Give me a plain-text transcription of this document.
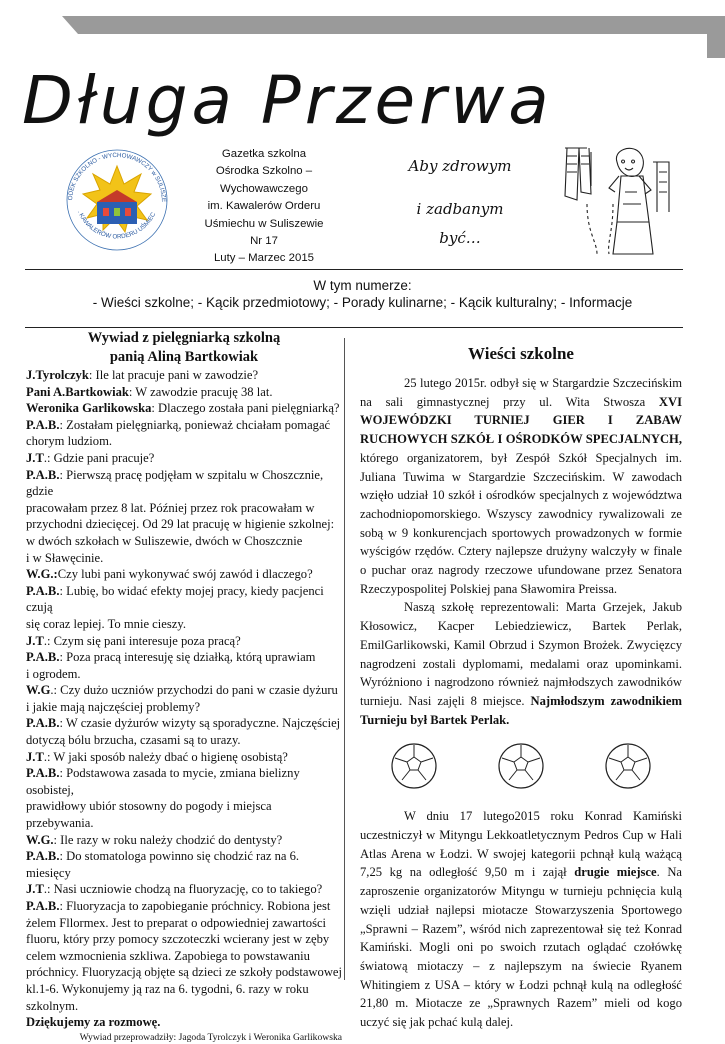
Długa Przerwa
ODEK SZKOLNO - WYCHOWAWCZY w SULISZE
. KAWALERÓW ORDERU UŚMIEC
Gazetka szkolna
Ośrodka Szkolno –
Wychowawczego
im. Kawalerów Orderu
Uśmiechu w Suliszewie
Nr 17
Luty – Marzec 2015
Aby zdrowym
i zadbanym
być…
W tym numerze:
- Wieści szkolne; - Kącik przedmiotowy; - Porady kulinarne; - Kącik kulturalny; - Informacje
Wywiad z pielęgniarką szkolną
panią Aliną Bartkowiak
J.Tyrolczyk: Ile lat pracuje pani w zawodzie?
Pani A.Bartkowiak: W zawodzie pracuję 38 lat.
Weronika Garlikowska: Dlaczego została pani pielęgniarką?
P.A.B.: Zostałam pielęgniarką, ponieważ chciałam pomagać
chorym ludziom.
J.T.: Gdzie pani pracuje?
P.A.B.: Pierwszą pracę podjęłam w szpitalu w Choszcznie, gdzie
pracowałam przez 8 lat. Później przez rok pracowałam w
przychodni dziecięcej. Od 29 lat pracuję w higienie szkolnej:
w dwóch szkołach w Suliszewie, dwóch w Choszcznie
i w Sławęcinie.
W.G.:Czy lubi pani wykonywać swój zawód i dlaczego?
P.A.B.: Lubię, bo widać efekty mojej pracy, kiedy pacjenci czują
się coraz lepiej. To mnie cieszy.
J.T.: Czym się pani interesuje poza pracą?
P.A.B.: Poza pracą interesuję się działką, którą uprawiam
i ogrodem.
W.G.: Czy dużo uczniów przychodzi do pani w czasie dyżuru
i jakie mają najczęściej problemy?
P.A.B.: W czasie dyżurów wizyty są sporadyczne. Najczęściej
dotyczą bólu brzucha, czasami są to urazy.
J.T.: W jaki sposób należy dbać o higienę osobistą?
P.A.B.: Podstawowa zasada to mycie, zmiana bielizny osobistej,
prawidłowy ubiór stosowny do pogody i miejsca przebywania.
W.G.: Ile razy w roku należy chodzić do dentysty?
P.A.B.: Do stomatologa powinno się chodzić raz na 6. miesięcy
J.T.: Nasi uczniowie chodzą na fluoryzację, co to takiego?
P.A.B.: Fluoryzacja to zapobieganie próchnicy. Robiona jest
żelem Fllormex. Jest to preparat o odpowiedniej zawartości
fluoru, który przy pomocy szczoteczki wcierany jest w zęby
celem wzmocnienia szkliwa. Zapobiega to powstawaniu
próchnicy. Fluoryzacją objęte są dzieci ze szkoły podstawowej
kl.1-6. Wykonujemy ją raz na 6. tygodni, 6. razy w roku
szkolnym.

Dziękujemy za rozmowę.

Wywiad przeprowadziły: Jagoda Tyrolczyk i Weronika Garlikowska

Wieści szkolne

25 lutego 2015r. odbył się w Stargardzie Szczecińskim na sali gimnastycznej przy ul. Wita Stwosza XVI WOJEWÓDZKI TURNIEJ GIER I ZABAW RUCHOWYCH SZKÓŁ I OŚRODKÓW SPECJALNYCH, którego organizatorem, był Zespół Szkół Specjalnych im. Juliana Tuwima w Stargardzie Szczecińskim. W zawodach wzięło udział 10 szkół i ośrodków specjalnych z województwa zachodniopomorskiego. Wszyscy zawodnicy rywalizowali ze sobą w 9 konkurencjach sportowych prowadzonych w formie wyścigów rzędów. Cztery najlepsze drużyny walczyły w finale o puchar oraz nagrody rzeczowe ufundowane przez Senatora Rzeczypospolitej Polskiej pana Sławomira Preissa.

Naszą szkołę reprezentowali: Marta Grzejek, Jakub Kłosowicz, Kacper Lebiedziewicz, Bartek Perlak, EmilGarlikowski, Kamil Obrzud i Szymon Brożek. Zwycięzcy nagrodzeni zostali dyplomami, medalami oraz upominkami. Wyróżniono i nagrodzono również najmłodszych zawodników turnieju. Nasi zajęli 8 miejsce. Najmłodszym zawodnikiem Turnieju był Bartek Perlak.

W dniu 17 lutego2015 roku Konrad Kamiński uczestniczył w Mityngu Lekkoatletycznym Pedros Cup w Hali Atlas Arena w Łodzi. W swojej kategorii pchnął kulą ważącą 7,25 kg na odległość 9,50 m i zajął drugie miejsce. Na zaproszenie organizatorów Mityngu w turnieju pchnięcia kulą wzięli udział najlepsi miotacze Stowarzyszenia Sportowego „Sprawni – Razem”, wśród nich zaprezentował się też Konrad Kamiński. Mogli oni po swoich rzutach oglądać czołówkę światową miotaczy – z najlepszym na świecie Ryanem Whitingiem z USA – który w Łodzi pchnął kulą na odległość 21,80 m. Miotacze ze „Sprawnych Razem” mieli od kogo uczyć się jak pchać kulą dalej.
